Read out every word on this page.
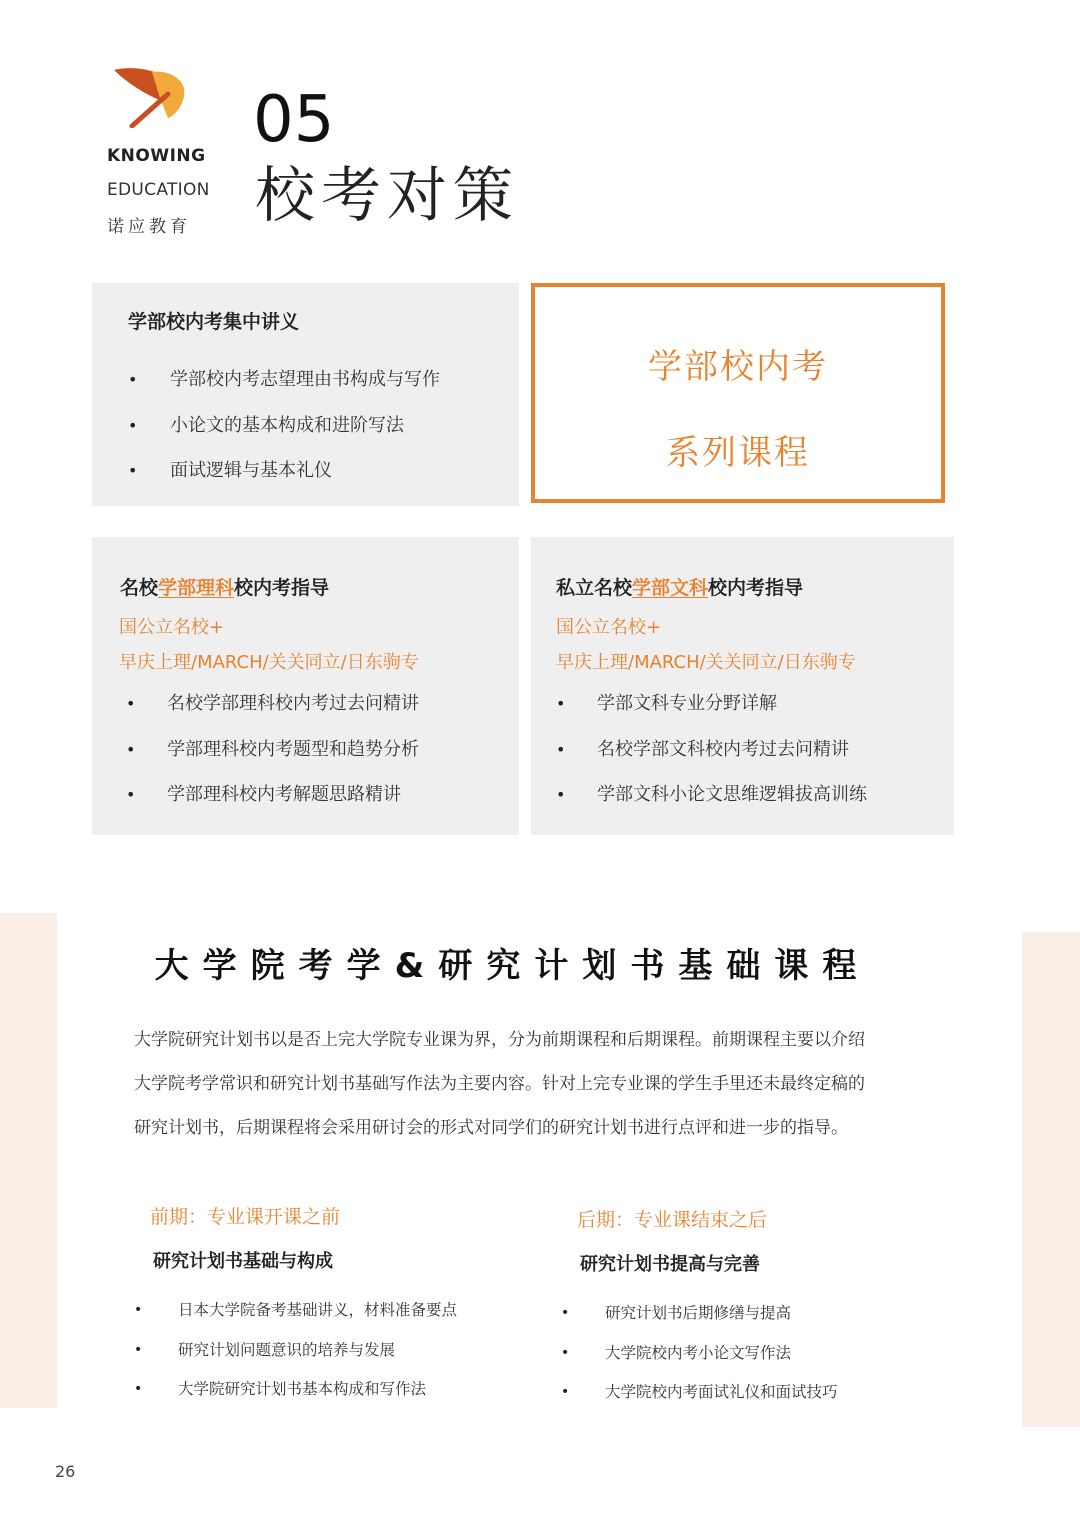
KNOWING
EDUCATION
诺应教育
05
校考对策
学部校内考集中讲义
• 学部校内考志望理由书构成与写作
• 小论文的基本构成和进阶写法
• 面试逻辑与基本礼仪
学部校内考
系列课程
名校学部理科校内考指导
国公立名校+
早庆上理/MARCH/关关同立/日东驹专
• 名校学部理科校内考过去问精讲
• 学部理科校内考题型和趋势分析
• 学部理科校内考解题思路精讲
私立名校学部文科校内考指导
国公立名校+
早庆上理/MARCH/关关同立/日东驹专
• 学部文科专业分野详解
• 名校学部文科校内考过去问精讲
• 学部文科小论文思维逻辑拔高训练
大学院考学&研究计划书基础课程

大学院研究计划书以是否上完大学院专业课为界，分为前期课程和后期课程。前期课程主要以介绍

大学院考学常识和研究计划书基础写作法为主要内容。针对上完专业课的学生手里还未最终定稿的

研究计划书，后期课程将会采用研讨会的形式对同学们的研究计划书进行点评和进一步的指导。

前期：专业课开课之前
研究计划书基础与构成
• 日本大学院备考基础讲义，材料准备要点
• 研究计划问题意识的培养与发展
• 大学院研究计划书基本构成和写作法
后期：专业课结束之后
研究计划书提高与完善
• 研究计划书后期修缮与提高
• 大学院校内考小论文写作法
• 大学院校内考面试礼仪和面试技巧
26
